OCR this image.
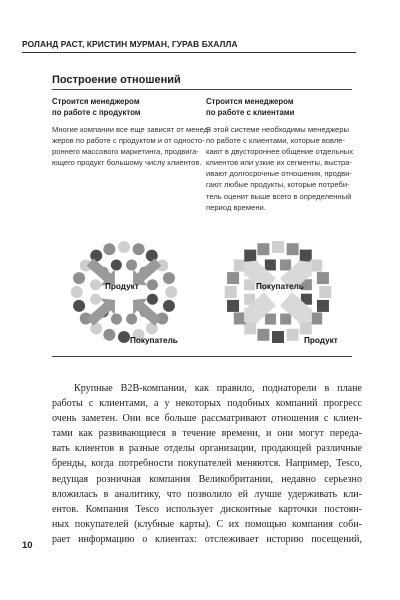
РОЛАНД РАСТ, КРИСТИН МУРМАН, ГУРАВ БХАЛЛА
Построение отношений
Строится менеджером
по работе с продуктом
Многие компании все еще зависят от менед-
жеров по работе с продуктом и от односто-
роннего массового маркетинга, продвига-
ющего продукт большому числу клиентов.
Строится менеджером
по работе с клиентами
В этой системе необходимы менеджеры
по работе с клиентами, которые вовле-
кают в двустороннее общение отдельных
клиентов или узкие их сегменты, выстра-
ивают долгосрочные отношения, продви-
гают любые продукты, которые потреби-
тель оценит выше всего в определенный
период времени.
Продукт
Покупатель
Покупатель
Продукт
Крупные B2B-компании, как правило, поднаторели в плане
работы с клиентами, а у некоторых подобных компаний прогресс
очень заметен. Они все больше рассматривают отношения с клиен-
тами как развивающиеся в течение времени, и они могут переда-
вать клиентов в разные отделы организации, продающей различные
бренды, когда потребности покупателей меняются. Например, Tesco,
ведущая розничная компания Великобритании, недавно серьезно
вложилась в аналитику, что позволило ей лучше удерживать кли-
ентов. Компания Tesco использует дисконтные карточки постоян-
ных покупателей (клубные карты). С их помощью компания соби-
рает информацию о клиентах: отслеживает историю посещений,
10
